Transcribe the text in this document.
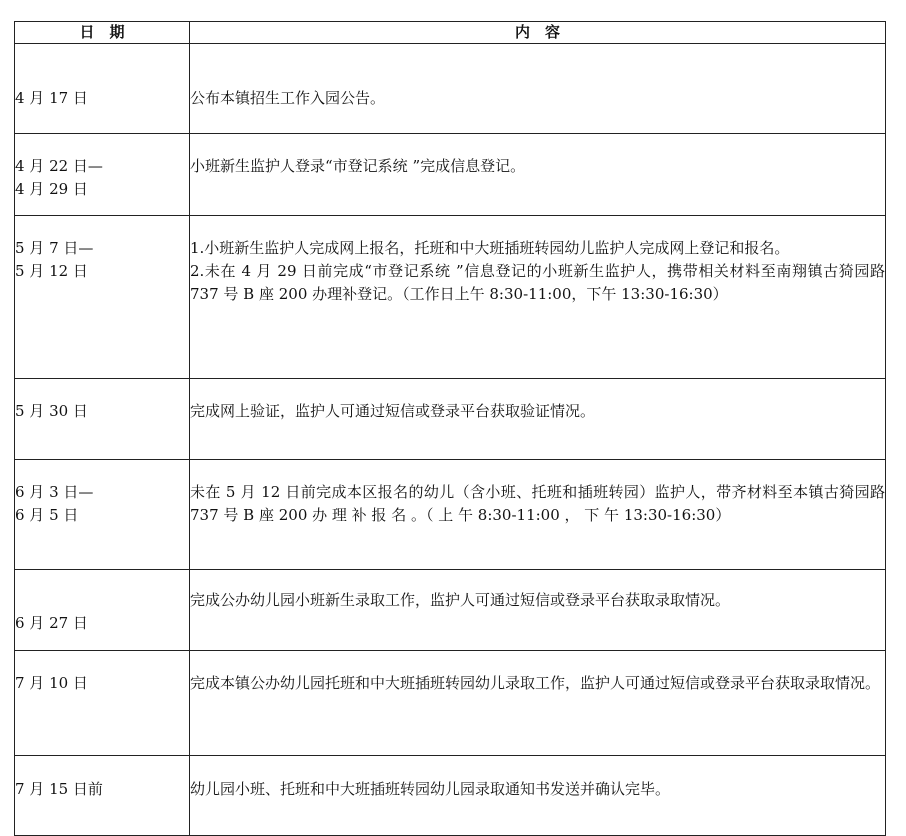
日　期	内　容

4 月 17 日	公布本镇招生工作入园公告。

4 月 22 日—
4 月 29 日	小班新生监护人登录“市登记系统 ”完成信息登记。

5 月 7 日—
5 月 12 日	1.小班新生监护人完成网上报名，托班和中大班插班转园幼儿监护人完成网上登记和报名。
2.未在 4 月 29 日前完成“市登记系统 ”信息登记的小班新生监护人，携带相关材料至南翔镇古猗园路 737 号 B 座 200 办理补登记。（工作日上午 8:30-11:00，下午 13:30-16:30）

5 月 30 日	完成网上验证，监护人可通过短信或登录平台获取验证情况。

6 月 3 日—
6 月 5 日	未在 5 月 12 日前完成本区报名的幼儿（含小班、托班和插班转园）监护人，带齐材料至本镇古猗园路 737 号 B 座 200 办 理 补 报 名 。（ 上 午 8:30-11:00 ， 下 午 13:30-16:30）

6 月 27 日	完成公办幼儿园小班新生录取工作，监护人可通过短信或登录平台获取录取情况。

7 月 10 日	完成本镇公办幼儿园托班和中大班插班转园幼儿录取工作，监护人可通过短信或登录平台获取录取情况。

7 月 15 日前	幼儿园小班、托班和中大班插班转园幼儿园录取通知书发送并确认完毕。
